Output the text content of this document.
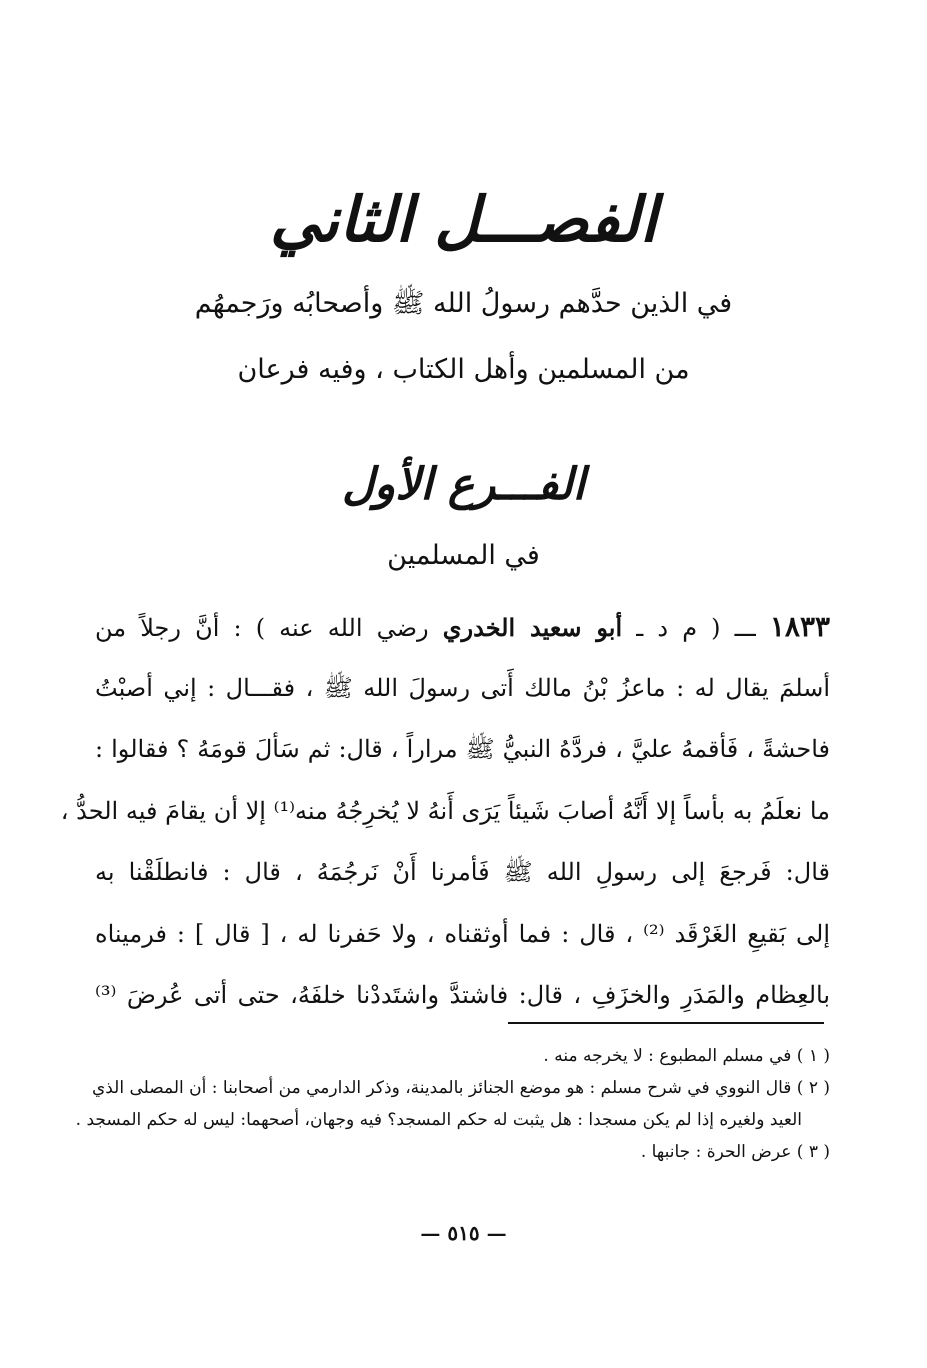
الفصـــل الثاني
في الذين حدَّهم رسولُ الله ﷺ وأصحابُه ورَجمهُم
من المسلمين وأهل الكتاب ، وفيه فرعان
الفـــرع الأول
في المسلمين
١٨٣٣ ـــ ( م د ـ أبو سعيد الخدري رضي الله عنه ) : أنَّ رجلاً من
أسلمَ يقال له : ماعزُ بْنُ مالك أَتى رسولَ الله ﷺ ، فقـــال : إني أصبْتُ
فاحشةً ، فَأقمهُ عليَّ ، فردَّهُ النبيُّ ﷺ مراراً ، قال: ثم سَألَ قومَهُ ؟ فقالوا :
ما نعلَمُ به بأساً إلا أَنَّهُ أصابَ شَيئاً يَرَى أَنهُ لا يُخرِجُهُ منه⁽¹⁾ إلا أن يقامَ فيه الحدُّ ،
قال: فَرجعَ إلى رسولِ الله ﷺ فَأمرنا أَنْ نَرجُمَهُ ، قال : فانطلَقْنا به
إلى بَقيعِ الغَرْقَد ⁽²⁾ ، قال : فما أوثقناه ، ولا حَفرنا له ، [ قال ] : فرميناه
بالعِظام والمَدَرِ والخزَفِ ، قال: فاشتدَّ واشتَددْنا خلفَهُ، حتى أتى عُرضَ ⁽³⁾
( ١ ) في مسلم المطبوع : لا يخرجه منه .
( ٢ ) قال النووي في شرح مسلم : هو موضع الجنائز بالمدينة، وذكر الدارمي من أصحابنا : أن المصلى الذي
العيد ولغيره إذا لم يكن مسجدا : هل يثبت له حكم المسجد؟ فيه وجهان، أصحهما: ليس له حكم المسجد .
( ٣ ) عرض الحرة : جانبها .
— ٥١٥ —
